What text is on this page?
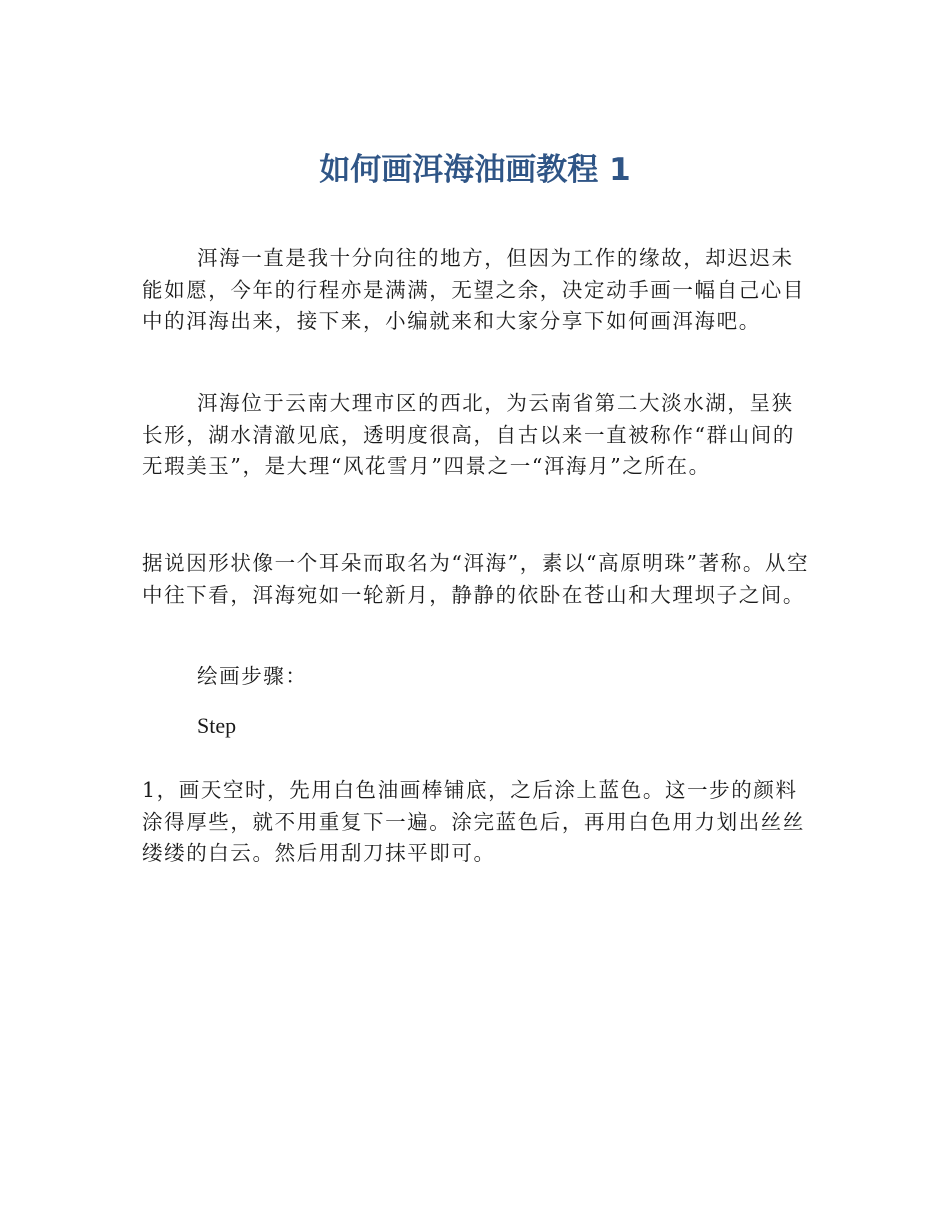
如何画洱海油画教程 1

洱海一直是我十分向往的地方，但因为工作的缘故，却迟迟未能如愿，今年的行程亦是满满，无望之余，决定动手画一幅自己心目中的洱海出来，接下来，小编就来和大家分享下如何画洱海吧。

洱海位于云南大理市区的西北，为云南省第二大淡水湖，呈狭长形，湖水清澈见底，透明度很高，自古以来一直被称作“群山间的无瑕美玉”，是大理“风花雪月”四景之一“洱海月”之所在。

据说因形状像一个耳朵而取名为“洱海”，素以“高原明珠”著称。从空中往下看，洱海宛如一轮新月，静静的依卧在苍山和大理坝子之间。

绘画步骤：

Step

1，画天空时，先用白色油画棒铺底，之后涂上蓝色。这一步的颜料涂得厚些，就不用重复下一遍。涂完蓝色后，再用白色用力划出丝丝缕缕的白云。然后用刮刀抹平即可。
